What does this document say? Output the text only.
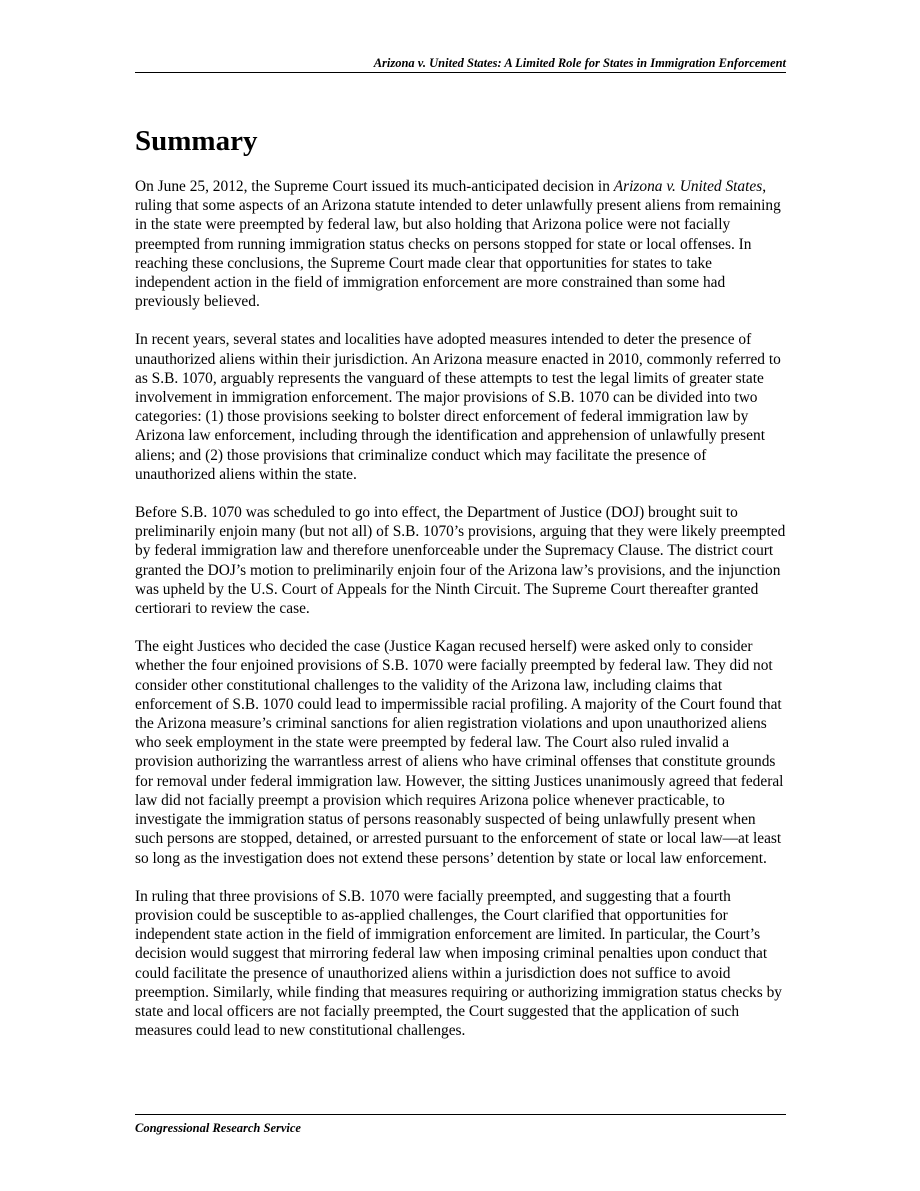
Arizona v. United States: A Limited Role for States in Immigration Enforcement
Summary

On June 25, 2012, the Supreme Court issued its much-anticipated decision in Arizona v. United States, ruling that some aspects of an Arizona statute intended to deter unlawfully present aliens from remaining in the state were preempted by federal law, but also holding that Arizona police were not facially preempted from running immigration status checks on persons stopped for state or local offenses. In reaching these conclusions, the Supreme Court made clear that opportunities for states to take independent action in the field of immigration enforcement are more constrained than some had previously believed.

In recent years, several states and localities have adopted measures intended to deter the presence of unauthorized aliens within their jurisdiction. An Arizona measure enacted in 2010, commonly referred to as S.B. 1070, arguably represents the vanguard of these attempts to test the legal limits of greater state involvement in immigration enforcement. The major provisions of S.B. 1070 can be divided into two categories: (1) those provisions seeking to bolster direct enforcement of federal immigration law by Arizona law enforcement, including through the identification and apprehension of unlawfully present aliens; and (2) those provisions that criminalize conduct which may facilitate the presence of unauthorized aliens within the state.

Before S.B. 1070 was scheduled to go into effect, the Department of Justice (DOJ) brought suit to preliminarily enjoin many (but not all) of S.B. 1070’s provisions, arguing that they were likely preempted by federal immigration law and therefore unenforceable under the Supremacy Clause. The district court granted the DOJ’s motion to preliminarily enjoin four of the Arizona law’s provisions, and the injunction was upheld by the U.S. Court of Appeals for the Ninth Circuit. The Supreme Court thereafter granted certiorari to review the case.

The eight Justices who decided the case (Justice Kagan recused herself) were asked only to consider whether the four enjoined provisions of S.B. 1070 were facially preempted by federal law. They did not consider other constitutional challenges to the validity of the Arizona law, including claims that enforcement of S.B. 1070 could lead to impermissible racial profiling. A majority of the Court found that the Arizona measure’s criminal sanctions for alien registration violations and upon unauthorized aliens who seek employment in the state were preempted by federal law. The Court also ruled invalid a provision authorizing the warrantless arrest of aliens who have criminal offenses that constitute grounds for removal under federal immigration law. However, the sitting Justices unanimously agreed that federal law did not facially preempt a provision which requires Arizona police whenever practicable, to investigate the immigration status of persons reasonably suspected of being unlawfully present when such persons are stopped, detained, or arrested pursuant to the enforcement of state or local law—at least so long as the investigation does not extend these persons’ detention by state or local law enforcement.

In ruling that three provisions of S.B. 1070 were facially preempted, and suggesting that a fourth provision could be susceptible to as-applied challenges, the Court clarified that opportunities for independent state action in the field of immigration enforcement are limited. In particular, the Court’s decision would suggest that mirroring federal law when imposing criminal penalties upon conduct that could facilitate the presence of unauthorized aliens within a jurisdiction does not suffice to avoid preemption. Similarly, while finding that measures requiring or authorizing immigration status checks by state and local officers are not facially preempted, the Court suggested that the application of such measures could lead to new constitutional challenges.

Congressional Research Service
